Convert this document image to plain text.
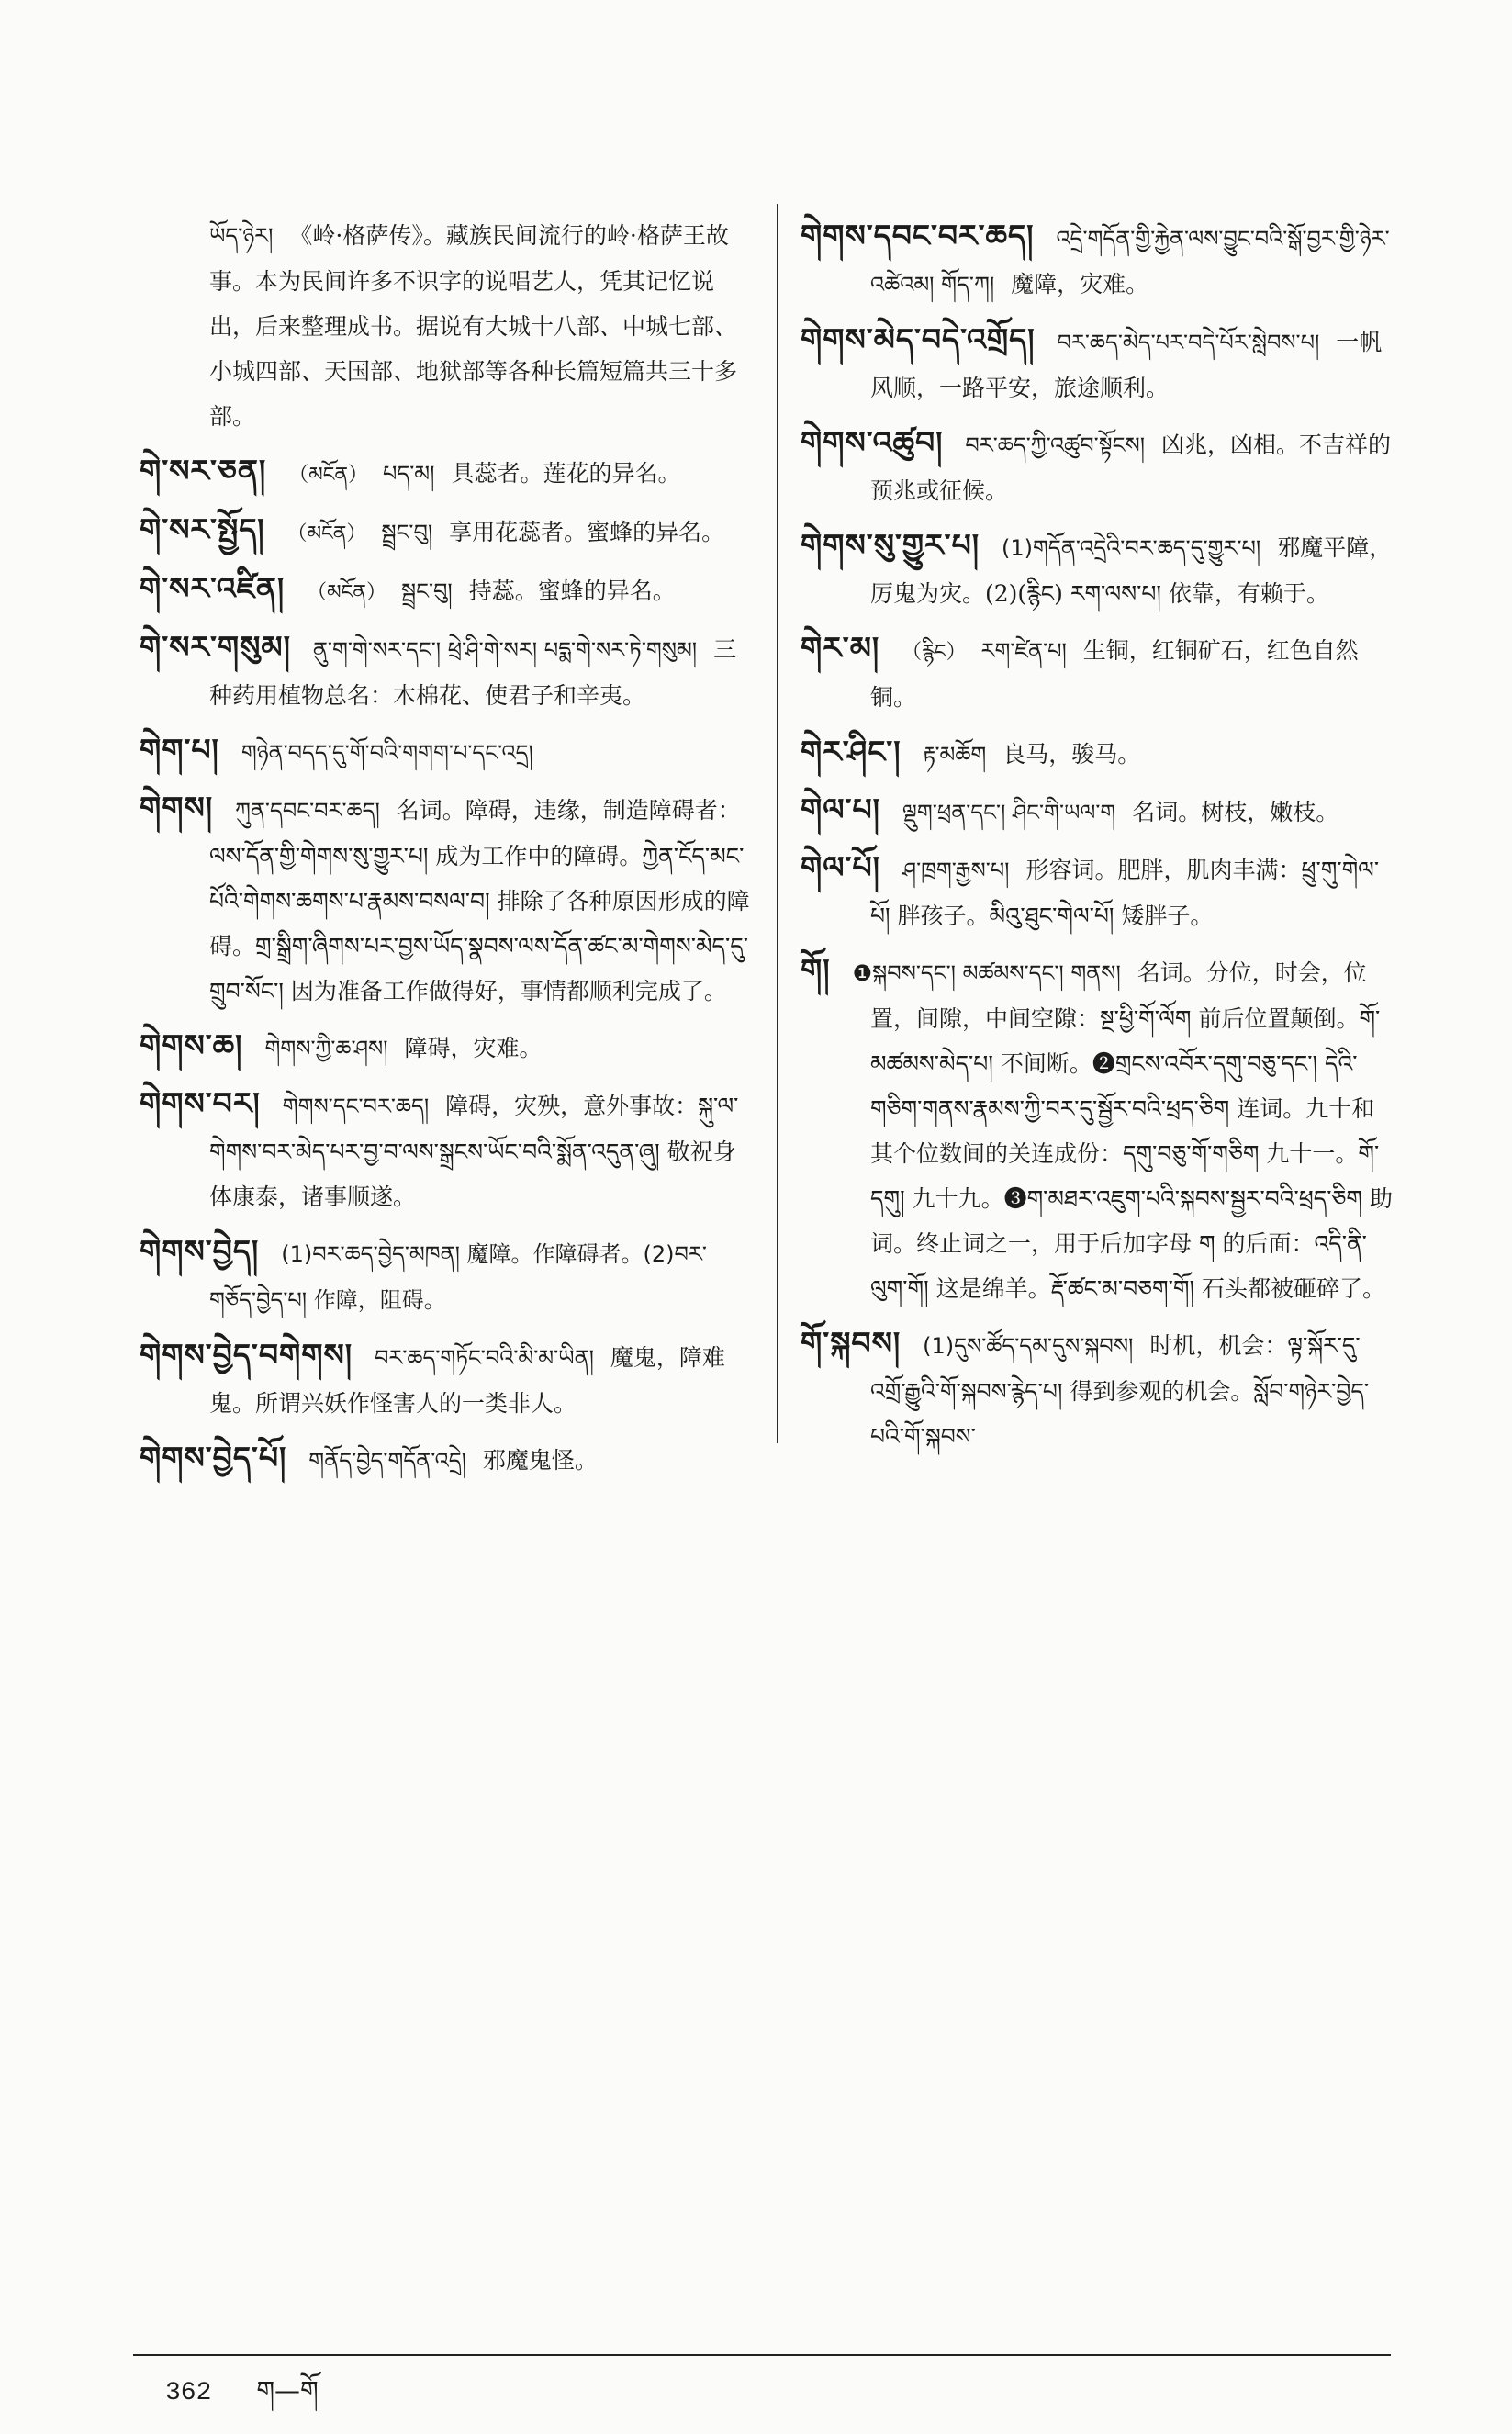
ཡོད་ཉེར། 《岭·格萨传》。藏族民间流行的岭·格萨王故事。本为民间许多不识字的说唱艺人，凭其记忆说出，后来整理成书。据说有大城十八部、中城七部、小城四部、天国部、地狱部等各种长篇短篇共三十多部。
གེ་སར་ཅན། （མངོན） པད་མ། 具蕊者。莲花的异名。
གེ་སར་སྤྱོད། （མངོན） སྦྲང་བུ། 享用花蕊者。蜜蜂的异名。
གེ་སར་འཛིན། （མངོན） སྦྲང་བུ། 持蕊。蜜蜂的异名。
གེ་སར་གསུམ། ནུ་ག་གེ་སར་དང་། ཕྲེ་ཤི་གེ་སར། པདྨ་གེ་སར་ཏེ་གསུམ། 三种药用植物总名：木棉花、使君子和辛夷。
གེག་པ། གཉེན་བདད་དུ་གོ་བའི་གགག་པ་དང་འདྲ།
གེགས། ཀུན་དབང་བར་ཆད། 名词。障碍，违缘，制造障碍者：ལས་དོན་གྱི་གེགས་སུ་གྱུར་པ། 成为工作中的障碍。ཀྱེན་ངོད་མང་པོའི་གེགས་ཆགས་པ་རྣམས་བསལ་བ། 排除了各种原因形成的障碍。གྲ་སྒྲིག་ཞིགས་པར་བྱས་ཡོད་སྣབས་ལས་དོན་ཚང་མ་གེགས་མེད་དུ་གྲུབ་སོང་། 因为准备工作做得好，事情都顺利完成了。
གེགས་ཆ། གེགས་ཀྱི་ཆ་ཤས། 障碍，灾难。
གེགས་བར། གེགས་དང་བར་ཆད། 障碍，灾殃，意外事故：སྐུ་ལ་གེགས་བར་མེད་པར་བྱ་བ་ལས་སྒྲངས་ཡོང་བའི་སྨོན་འདུན་ཞུ། 敬祝身体康泰，诸事顺遂。
གེགས་བྱེད། (1)བར་ཆད་བྱེད་མཁན། 魔障。作障碍者。(2)བར་གཅོད་བྱེད་པ། 作障，阻碍。
གེགས་བྱེད་བགེགས། བར་ཆད་གཏོང་བའི་མི་མ་ཡིན། 魔鬼，障难鬼。所谓兴妖作怪害人的一类非人。
གེགས་བྱེད་པོ། གནོད་བྱེད་གདོན་འདྲེ། 邪魔鬼怪。
གེགས་དབང་བར་ཆད། འདྲེ་གདོན་གྱི་རྐྱེན་ལས་བྱུང་བའི་སྒོ་བྱར་གྱི་ཉེར་འཚེའམ། གོད་ཀ། 魔障，灾难。
གེགས་མེད་བདེ་འགྲོད། བར་ཆད་མེད་པར་བདེ་པོར་སླེབས་པ། 一帆风顺，一路平安，旅途顺利。
གེགས་འཚུབ། བར་ཆད་ཀྱི་འཚུབ་སྟོངས། 凶兆，凶相。不吉祥的预兆或征候。
གེགས་སུ་གྱུར་པ། (1)གདོན་འདྲེའི་བར་ཆད་དུ་གྱུར་པ། 邪魔平障，厉鬼为灾。(2)(རྙིང) རག་ལས་པ། 依靠，有赖于。
གེར་མ། （རྙིང） རག་ཛེན་པ། 生铜，红铜矿石，红色自然铜。
གེར་ཤིང་། རྟ་མཆོག 良马，骏马。
གེལ་པ། ལྡུག་ཕྲན་དང་། ཤིང་གི་ཡལ་ག 名词。树枝，嫩枝。
གེལ་པོ། ཤ་ཁྲག་རྒྱས་པ། 形容词。肥胖，肌肉丰满：ཕྲུ་གུ་གེལ་པོ། 胖孩子。མིའུ་ཐུང་གེལ་པོ། 矮胖子。
གོ། ❶སྐབས་དང་། མཚམས་དང་། གནས། 名词。分位，时会，位置，间隙，中间空隙：སྔ་ཕྱི་གོ་ལོག 前后位置颠倒。གོ་མཚམས་མེད་པ། 不间断。❷གྲངས་འབོར་དགུ་བཅུ་དང་། དེའི་གཅིག་གནས་རྣམས་ཀྱི་བར་དུ་སྦྱོར་བའི་ཕྲད་ཅིག 连词。九十和其个位数间的关连成份：དགུ་བཅུ་གོ་གཅིག 九十一。གོ་དགུ། 九十九。❸ག་མཐར་འཇུག་པའི་སྐབས་སྦྱར་བའི་ཕྲད་ཅིག 助词。终止词之一，用于后加字母 ག 的后面：འདི་ནི་ལུག་གོ། 这是绵羊。རྡོ་ཚང་མ་བཅག་གོ། 石头都被砸碎了。
གོ་སྐབས། (1)དུས་ཚོད་དམ་དུས་སྐབས། 时机，机会：ལྟ་སྐོར་དུ་འགྲོ་རྒྱུའི་གོ་སྐབས་རྙེད་པ། 得到参观的机会。སློབ་གཉེར་བྱེད་པའི་གོ་སྐབས་
362 ག—གོ
